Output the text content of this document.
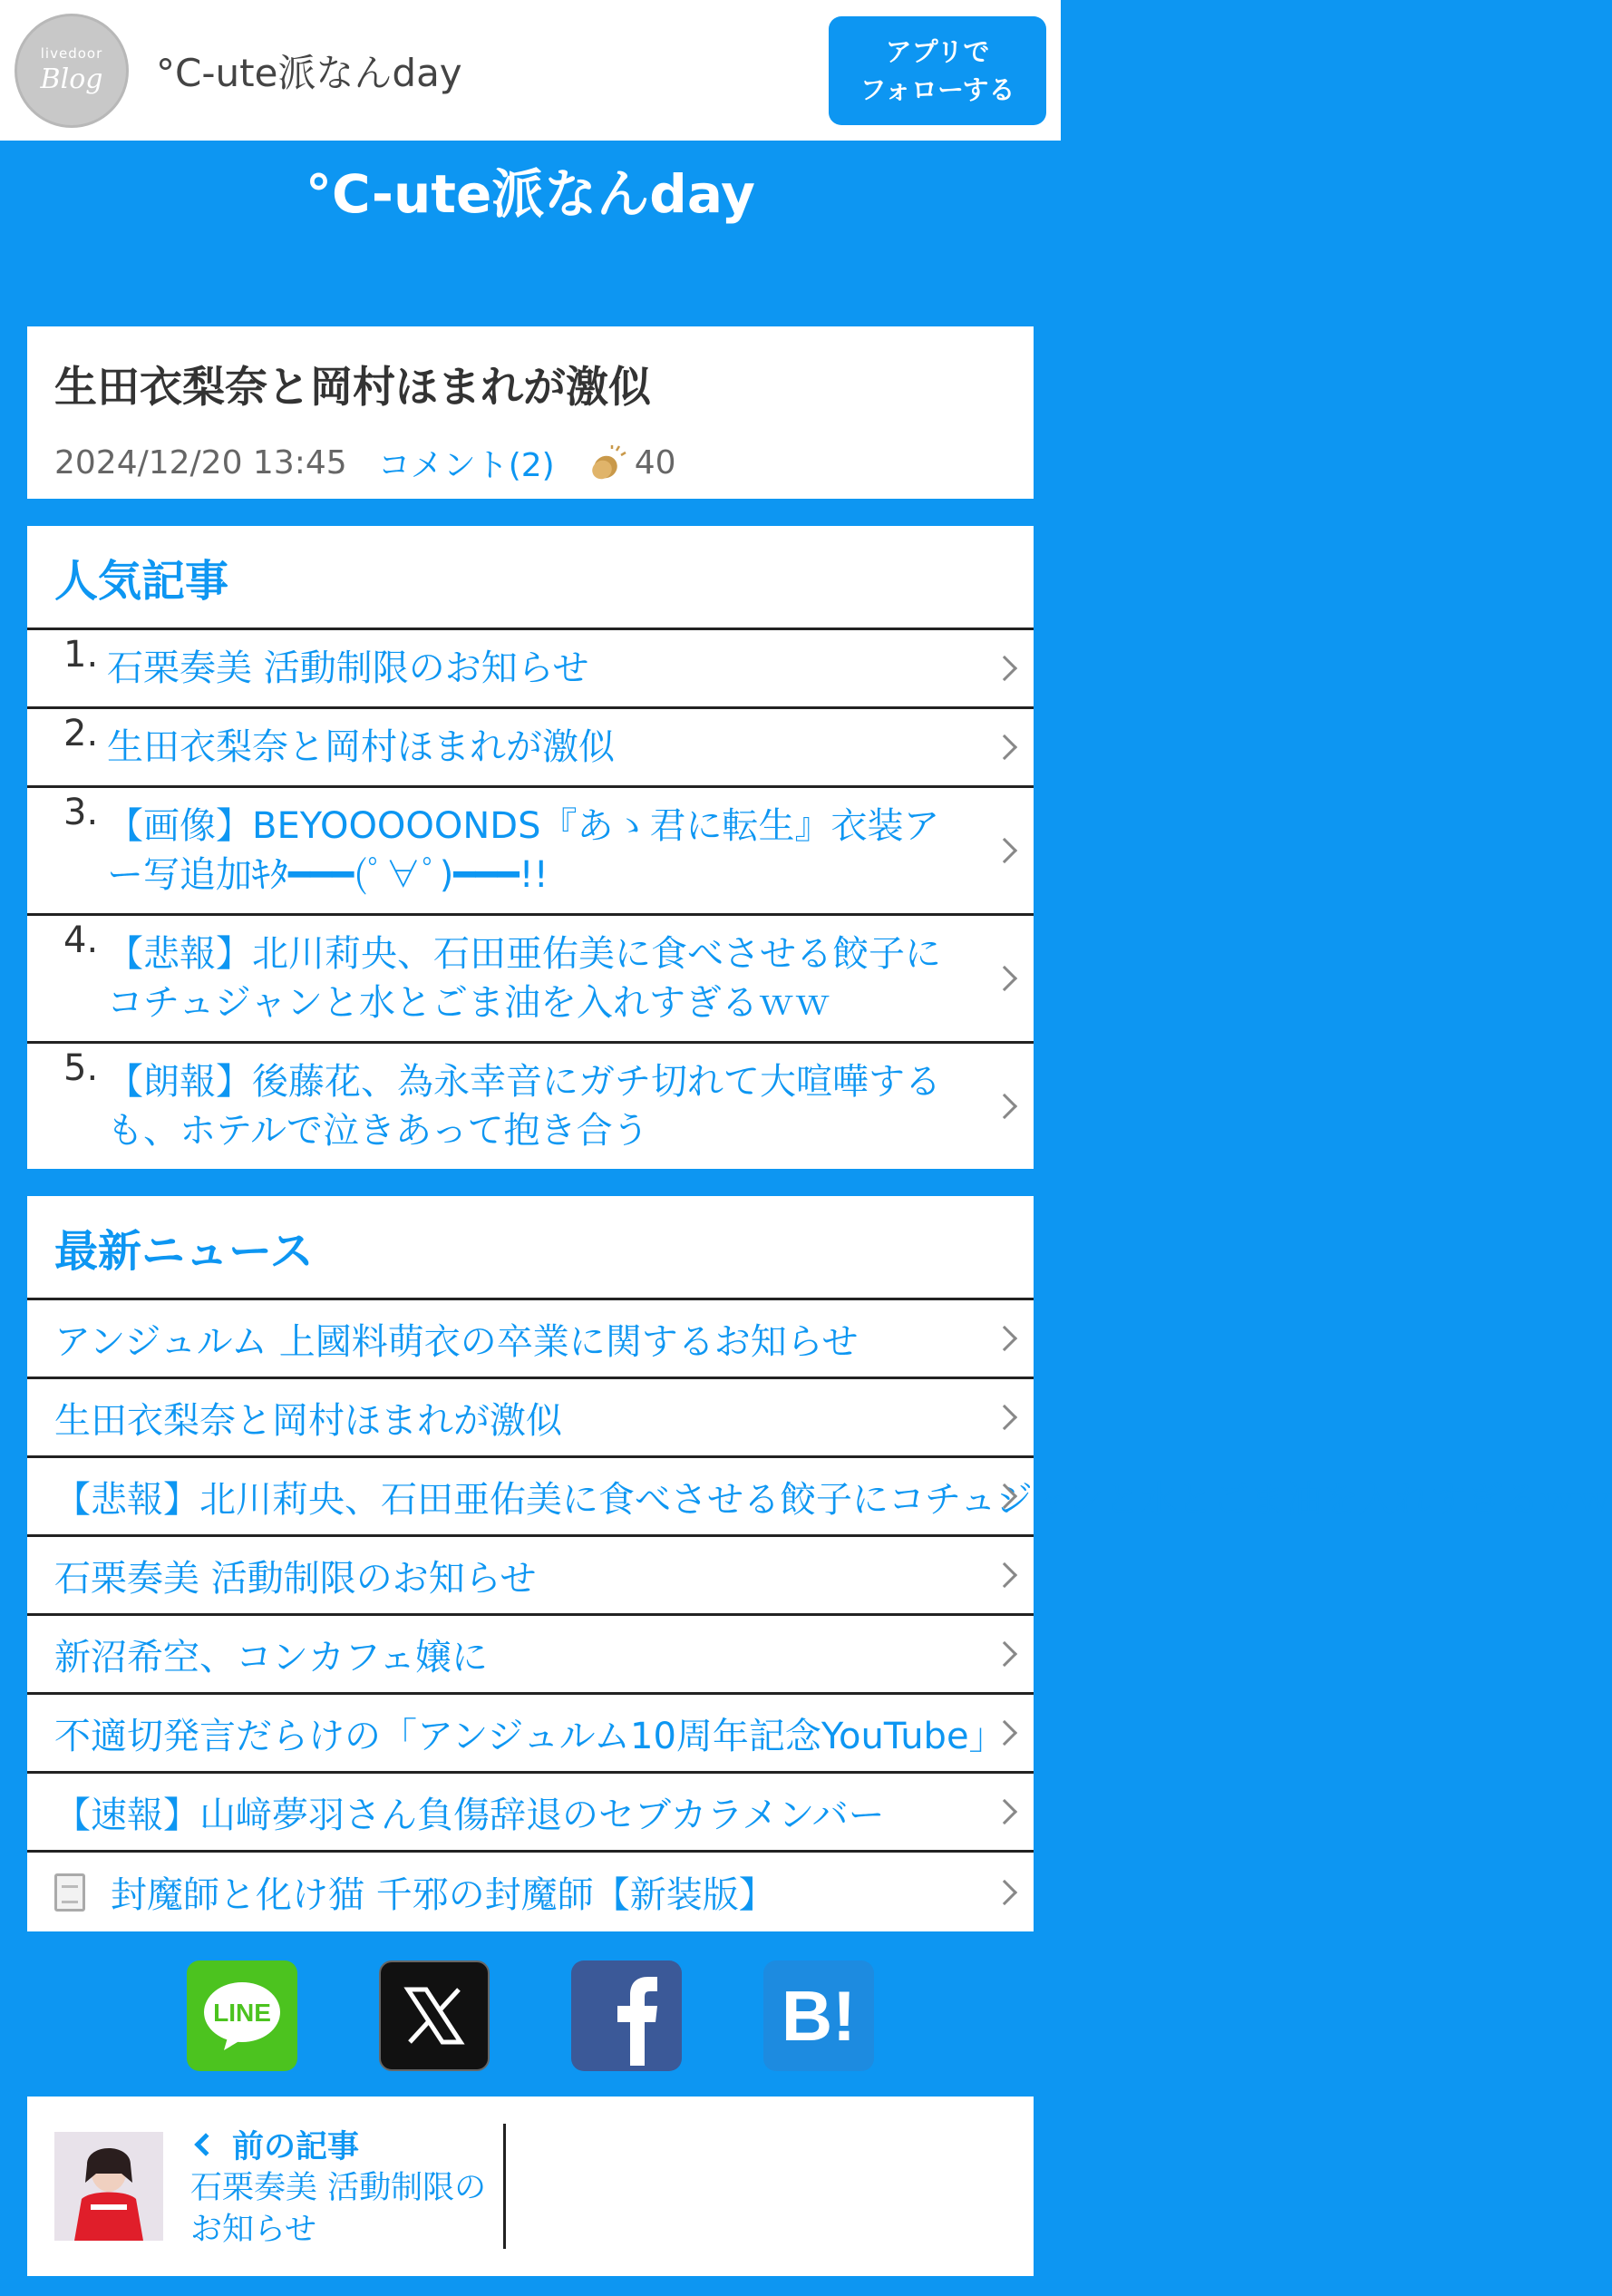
livedoor
Blog °C-ute派なんday	アプリで
フォローする
°C-ute派なんday
生田衣梨奈と岡村ほまれが激似
2024/12/20 13:45 コメント(2) 40
人気記事
1. 石栗奏美 活動制限のお知らせ
2. 生田衣梨奈と岡村ほまれが激似
3. 【画像】BEYOOOOONDS『あゝ君に転生』衣装アー写追加ｷﾀ━━━(ﾟ∀ﾟ)━━━!!
4. 【悲報】北川莉央、石田亜佑美に食べさせる餃子にコチュジャンと水とごま油を入れすぎるｗｗ
5. 【朗報】後藤花、為永幸音にガチ切れて大喧嘩するも、ホテルで泣きあって抱き合う
最新ニュース
アンジュルム 上國料萌衣の卒業に関するお知らせ
生田衣梨奈と岡村ほまれが激似
【悲報】北川莉央、石田亜佑美に食べさせる餃子にコチュジャンと水とごま油を入れすぎるｗｗ
石栗奏美 活動制限のお知らせ
新沼希空、コンカフェ嬢に
不適切発言だらけの「アンジュルム10周年記念YouTube」
【速報】山﨑夢羽さん負傷辞退のセブカラメンバー
封魔師と化け猫 千邪の封魔師【新装版】
LINE	B!
前の記事
石栗奏美 活動制限のお知らせ
